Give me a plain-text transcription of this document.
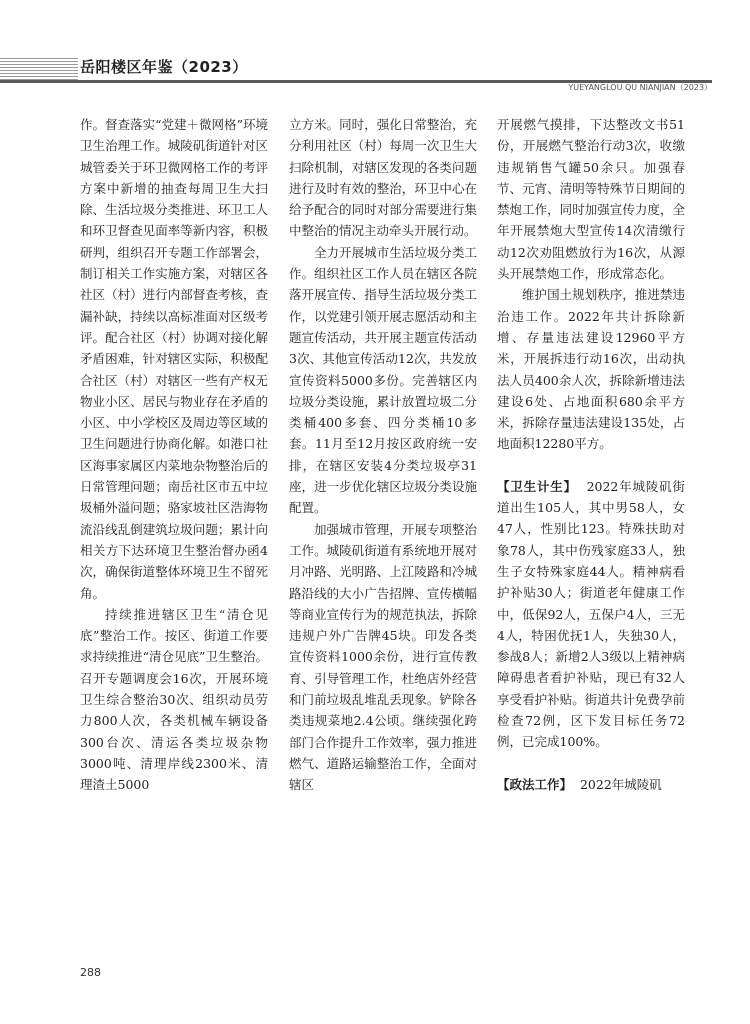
岳阳楼区年鉴（2023）
YUEYANGLOU QU NIANJIAN（2023）

作。督查落实“党建＋微网格”环境卫生治理工作。城陵矶街道针对区城管委关于环卫微网格工作的考评方案中新增的抽查每周卫生大扫除、生活垃圾分类推进、环卫工人和环卫督查见面率等新内容，积极研判，组织召开专题工作部署会，制订相关工作实施方案，对辖区各社区（村）进行内部督查考核，查漏补缺，持续以高标准面对区级考评。配合社区（村）协调对接化解矛盾困难，针对辖区实际，积极配合社区（村）对辖区一些有产权无物业小区、居民与物业存在矛盾的小区、中小学校区及周边等区域的卫生问题进行协商化解。如港口社区海事家属区内菜地杂物整治后的日常管理问题；南岳社区市五中垃圾桶外溢问题；骆家坡社区浩海物流沿线乱倒建筑垃圾问题；累计向相关方下达环境卫生整治督办函4次，确保街道整体环境卫生不留死角。

持续推进辖区卫生“清仓见底”整治工作。按区、街道工作要求持续推进“清仓见底”卫生整治。召开专题调度会16次，开展环境卫生综合整治30次、组织动员劳力800人次，各类机械车辆设备300台次、清运各类垃圾杂物3000吨、清理岸线2300米、清理渣土5000

立方米。同时，强化日常整治，充分利用社区（村）每周一次卫生大扫除机制，对辖区发现的各类问题进行及时有效的整治，环卫中心在给予配合的同时对部分需要进行集中整治的情况主动牵头开展行动。

全力开展城市生活垃圾分类工作。组织社区工作人员在辖区各院落开展宣传、指导生活垃圾分类工作，以党建引领开展志愿活动和主题宣传活动，共开展主题宣传活动3次、其他宣传活动12次，共发放宣传资料5000多份。完善辖区内垃圾分类设施，累计放置垃圾二分类桶400多套、四分类桶10多套。11月至12月按区政府统一安排，在辖区安装4分类垃圾亭31座，进一步优化辖区垃圾分类设施配置。

加强城市管理，开展专项整治工作。城陵矶街道有系统地开展对月冲路、光明路、上江陵路和冷城路沿线的大小广告招牌、宣传横幅等商业宣传行为的规范执法，拆除违规户外广告牌45块。印发各类宣传资料1000余份，进行宣传教育、引导管理工作，杜绝店外经营和门前垃圾乱堆乱丢现象。铲除各类违规菜地2.4公顷。继续强化跨部门合作提升工作效率，强力推进燃气、道路运输整治工作，全面对辖区

开展燃气摸排，下达整改文书51份，开展燃气整治行动3次，收缴违规销售气罐50余只。加强春节、元宵、清明等特殊节日期间的禁炮工作，同时加强宣传力度，全年开展禁炮大型宣传14次清缴行动12次劝阻燃放行为16次，从源头开展禁炮工作，形成常态化。

维护国土规划秩序，推进禁违治违工作。2022年共计拆除新增、存量违法建设12960平方米，开展拆违行动16次，出动执法人员400余人次，拆除新增违法建设6处、占地面积680余平方米，拆除存量违法建设135处，占地面积12280平方。

【卫生计生】 2022年城陵矶街道出生105人，其中男58人，女47人，性别比123。特殊扶助对象78人，其中伤残家庭33人，独生子女特殊家庭44人。精神病看护补贴30人；街道老年健康工作中，低保92人，五保户4人，三无4人，特困优抚1人，失独30人，参战8人；新增2人3级以上精神病障碍患者看护补贴，现已有32人享受看护补贴。街道共计免费孕前检查72例，区下发目标任务72例，已完成100%。

【政法工作】 2022年城陵矶

288
